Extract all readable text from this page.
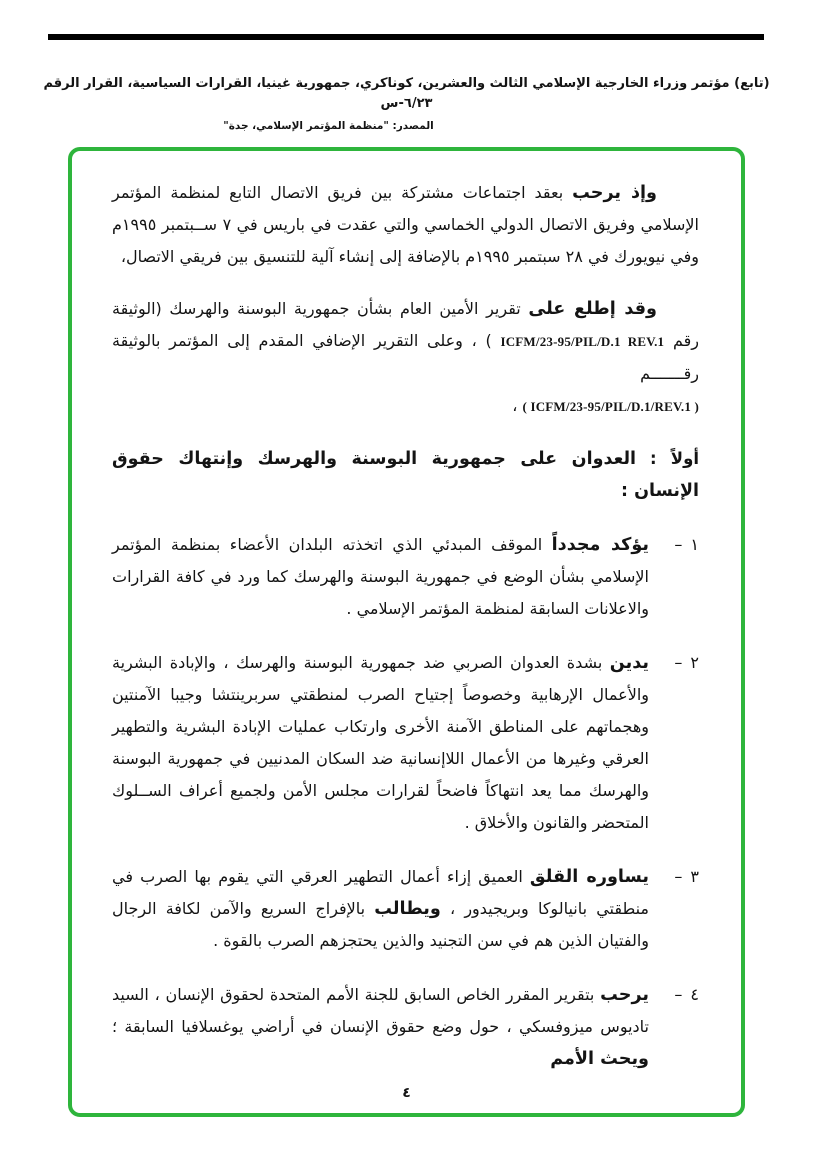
(تابع) مؤتمر وزراء الخارجية الإسلامي الثالث والعشرين، كوناكري، جمهورية غينيا، القرارات السياسية، القرار الرقم ٦/٢٣-س
المصدر: "منظمة المؤتمر الإسلامي، جدة"

وإذ يرحب بعقد اجتماعات مشتركة بين فريق الاتصال التابع لمنظمة المؤتمر الإسلامي وفريق الاتصال الدولي الخماسي والتي عقدت في باريس في ٧ ســبتمبر ١٩٩٥م وفي نيويورك في ٢٨ سبتمبر ١٩٩٥م بالإضافة إلى إنشاء آلية للتنسيق بين فريقي الاتصال،

وقد إطلع على تقرير الأمين العام بشأن جمهورية البوسنة والهرسك (الوثيقة رقم ICFM/23-95/PIL/D.1 REV.1 ) ، وعلى التقرير الإضافي المقدم إلى المؤتمر بالوثيقة رقـــــــم
( ICFM/23-95/PIL/D.1/REV.1 ) ،

أولاً :العدوان على جمهورية البوسنة والهرسك وإنتهاك حقوق الإنسان :

١
–
يؤكد مجدداً الموقف المبدئي الذي اتخذته البلدان الأعضاء بمنظمة المؤتمر الإسلامي بشأن الوضع في جمهورية البوسنة والهرسك كما ورد في كافة القرارات والاعلانات السابقة لمنظمة المؤتمر الإسلامي .
٢
–
يدين بشدة العدوان الصربي ضد جمهورية البوسنة والهرسك ، والإبادة البشرية والأعمال الإرهابية وخصوصاً إجتياح الصرب لمنطقتي سربرينتشا وجيبا الآمنتين وهجماتهم على المناطق الآمنة الأخرى وارتكاب عمليات الإبادة البشرية والتطهير العرقي وغيرها من الأعمال اللاإنسانية ضد السكان المدنيين في جمهورية البوسنة والهرسك مما يعد انتهاكاً فاضحاً لقرارات مجلس الأمن ولجميع أعراف الســلوك المتحضر والقانون والأخلاق .
٣
–
يساوره القلق العميق إزاء أعمال التطهير العرقي التي يقوم بها الصرب في منطقتي بانيالوكا وبريجيدور ، ويطالب بالإفراج السريع والآمن لكافة الرجال والفتيان الذين هم في سن التجنيد والذين يحتجزهم الصرب بالقوة .
٤
–
يرحب بتقرير المقرر الخاص السابق للجنة الأمم المتحدة لحقوق الإنسان ، السيد تاديوس ميزوفسكي ، حول وضع حقوق الإنسان في أراضي يوغسلافيا السابقة ؛ ويحث الأمم
٤
